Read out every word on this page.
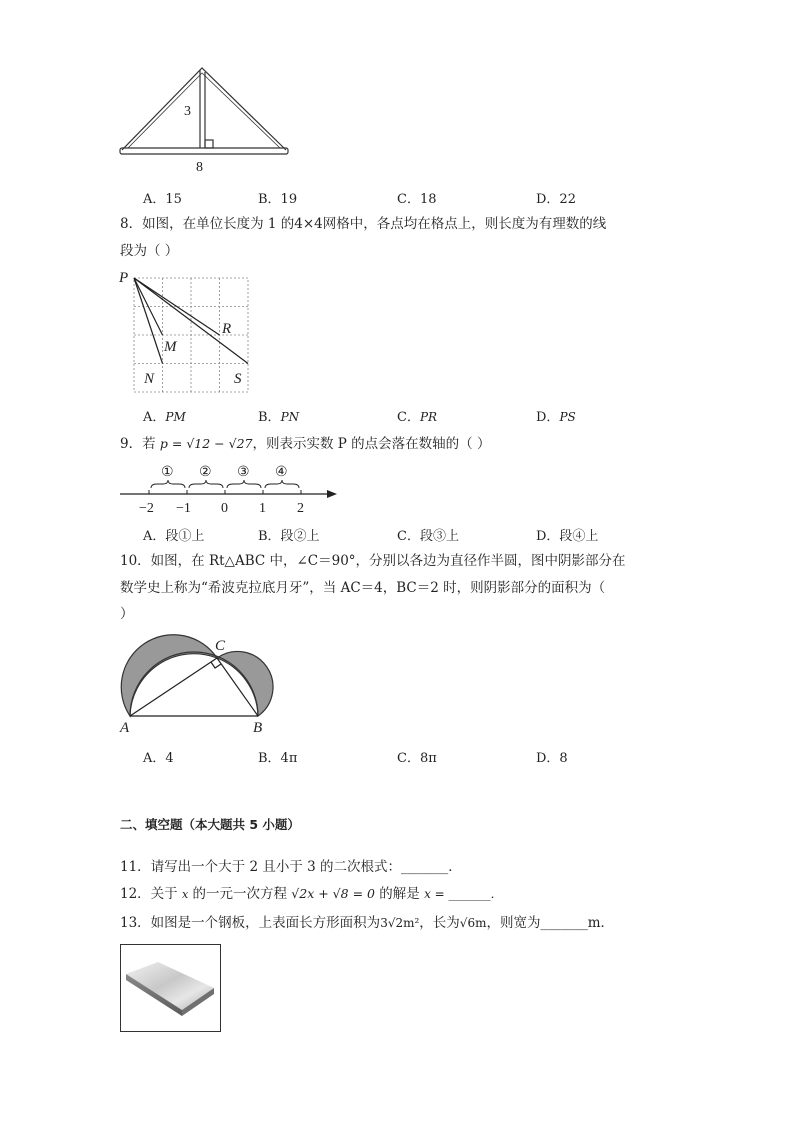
3
8
A．15	B．19	C．18	D．22
8．如图，在单位长度为 1 的4×4网格中，各点均在格点上，则长度为有理数的线
段为（ ）
P
M
R
N	S
A．PM	B．PN	C．PR	D．PS
9．若 p = √12 − √27，则表示实数 P 的点会落在数轴的（ ）
① ② ③ ④
−2 −1 0 1 2
A．段①上	B．段②上	C．段③上	D．段④上
10．如图，在 Rt△ABC 中，∠C＝90°，分别以各边为直径作半圆，图中阴影部分在
数学史上称为“希波克拉底月牙”，当 AC＝4，BC＝2 时，则阴影部分的面积为（
）
A	B
C
A．4	B．4π	C．8π	D．8
二、填空题（本大题共 5 小题）
11．请写出一个大于 2 且小于 3 的二次根式：_______．
12．关于 x 的一元一次方程 √2x + √8 = 0 的解是 x = _______．
13．如图是一个钢板，上表面长方形面积为3√2m²，长为√6m，则宽为_______m．
